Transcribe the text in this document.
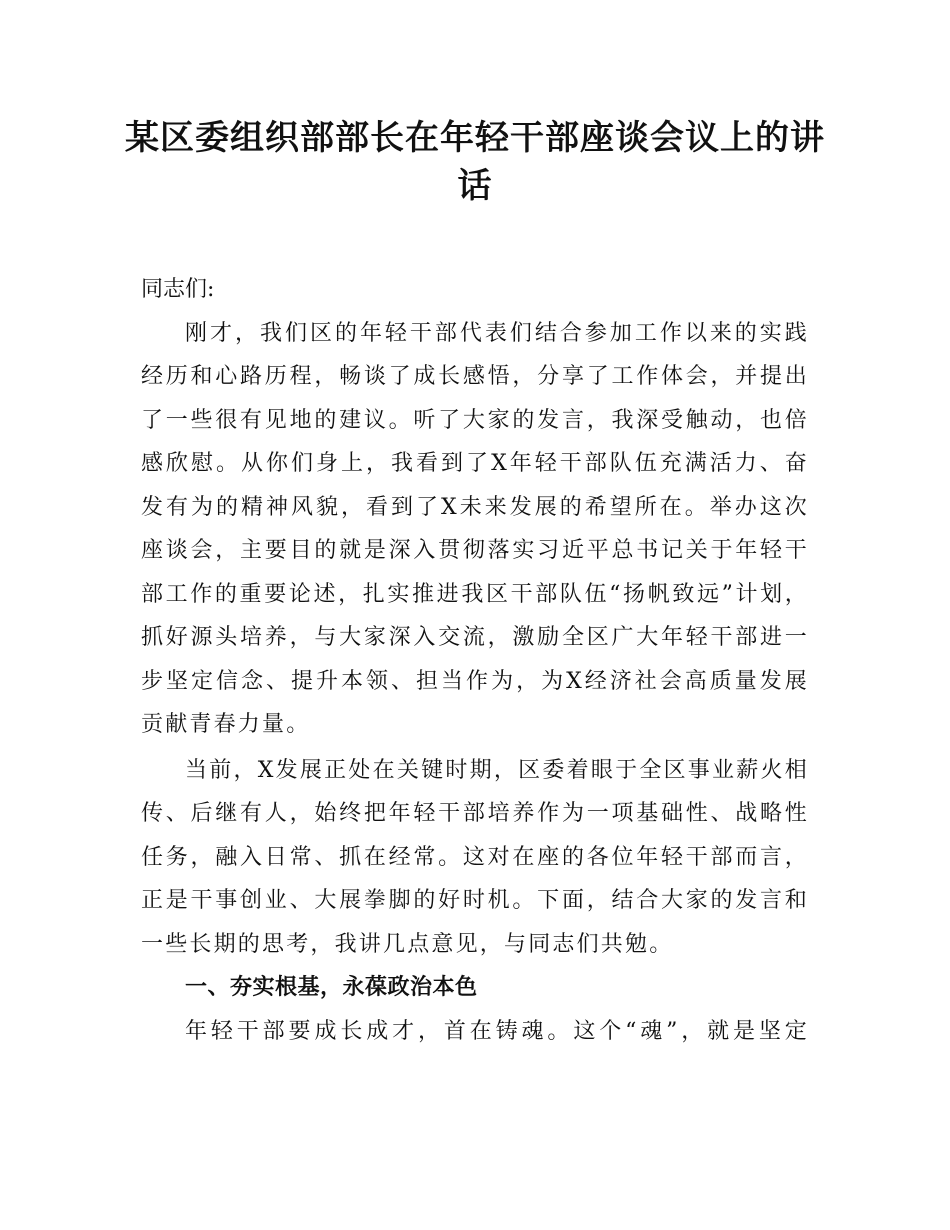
某区委组织部部长在年轻干部座谈会议上的讲话

同志们:

刚才，我们区的年轻干部代表们结合参加工作以来的实践经历和心路历程，畅谈了成长感悟，分享了工作体会，并提出了一些很有见地的建议。听了大家的发言，我深受触动，也倍感欣慰。从你们身上，我看到了X年轻干部队伍充满活力、奋发有为的精神风貌，看到了X未来发展的希望所在。举办这次座谈会，主要目的就是深入贯彻落实习近平总书记关于年轻干部工作的重要论述，扎实推进我区干部队伍“扬帆致远”计划，抓好源头培养，与大家深入交流，激励全区广大年轻干部进一步坚定信念、提升本领、担当作为，为X经济社会高质量发展贡献青春力量。

当前，X发展正处在关键时期，区委着眼于全区事业薪火相传、后继有人，始终把年轻干部培养作为一项基础性、战略性任务，融入日常、抓在经常。这对在座的各位年轻干部而言，正是干事创业、大展拳脚的好时机。下面，结合大家的发言和一些长期的思考，我讲几点意见，与同志们共勉。

一、夯实根基，永葆政治本色

年轻干部要成长成才，首在铸魂。这个“魂”，就是坚定
